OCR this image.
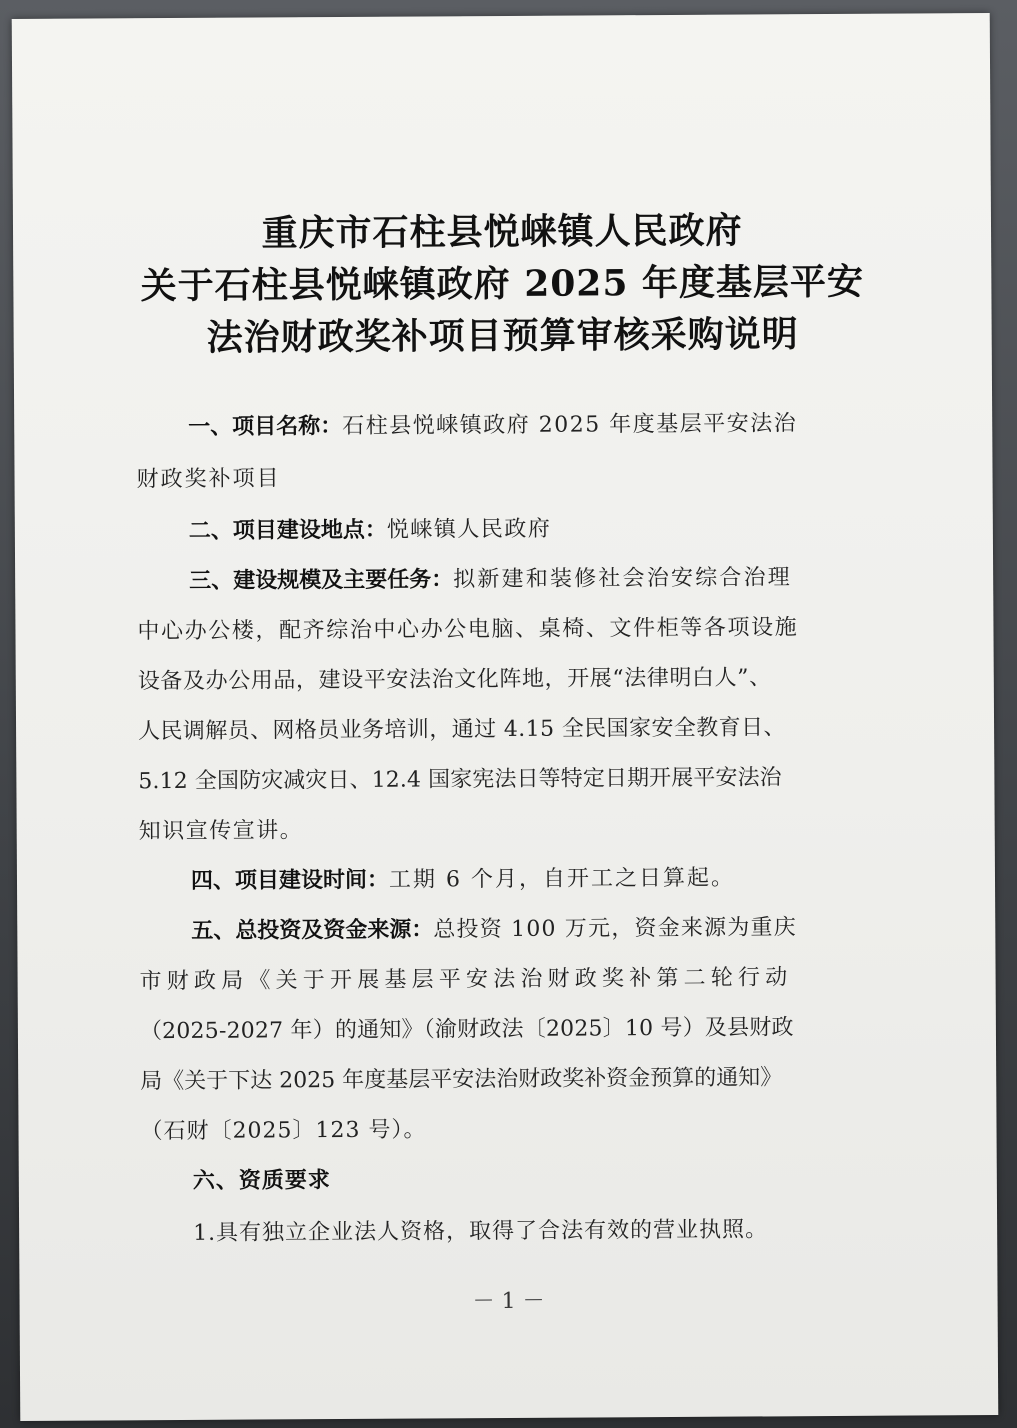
重庆市石柱县悦崃镇人民政府
关于石柱县悦崃镇政府 2025 年度基层平安
法治财政奖补项目预算审核采购说明
一、项目名称：石柱县悦崃镇政府 2025 年度基层平安法治
财政奖补项目
二、项目建设地点：悦崃镇人民政府
三、建设规模及主要任务：拟新建和装修社会治安综合治理
中心办公楼，配齐综治中心办公电脑、桌椅、文件柜等各项设施
设备及办公用品，建设平安法治文化阵地，开展“法律明白人”、
人民调解员、网格员业务培训，通过 4.15 全民国家安全教育日、
5.12 全国防灾减灾日、12.4 国家宪法日等特定日期开展平安法治
知识宣传宣讲。
四、项目建设时间：工期 6 个月，自开工之日算起。
五、总投资及资金来源：总投资 100 万元，资金来源为重庆
市财政局《关于开展基层平安法治财政奖补第二轮行动
（2025-2027 年）的通知》（渝财政法〔2025〕10 号）及县财政
局《关于下达 2025 年度基层平安法治财政奖补资金预算的通知》
（石财〔2025〕123 号）。
六、资质要求
1.具有独立企业法人资格，取得了合法有效的营业执照。
－ 1 －
